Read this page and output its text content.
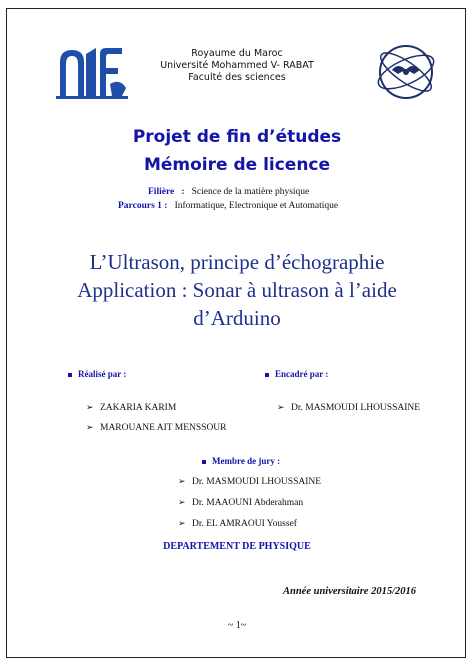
Royaume du Maroc
Université Mohammed V- RABAT
Faculté des sciences
Projet de fin d’études
Mémoire de licence
Filière : Science de la matière physique
Parcours 1 : Informatique, Electronique et Automatique
L’Ultrason, principe d’échographie
Application : Sonar à ultrason à l’aide
d’Arduino
Réalisé par :
➢ ZAKARIA KARIM
➢ MAROUANE AIT MENSSOUR
Encadré par :
➢ Dr. MASMOUDI LHOUSSAINE
Membre de jury :
➢ Dr. MASMOUDI LHOUSSAINE
➢ Dr. MAAOUNI Abderahman
➢ Dr. EL AMRAOUI Youssef
DEPARTEMENT DE PHYSIQUE
Année universitaire 2015/2016
~ 1~
